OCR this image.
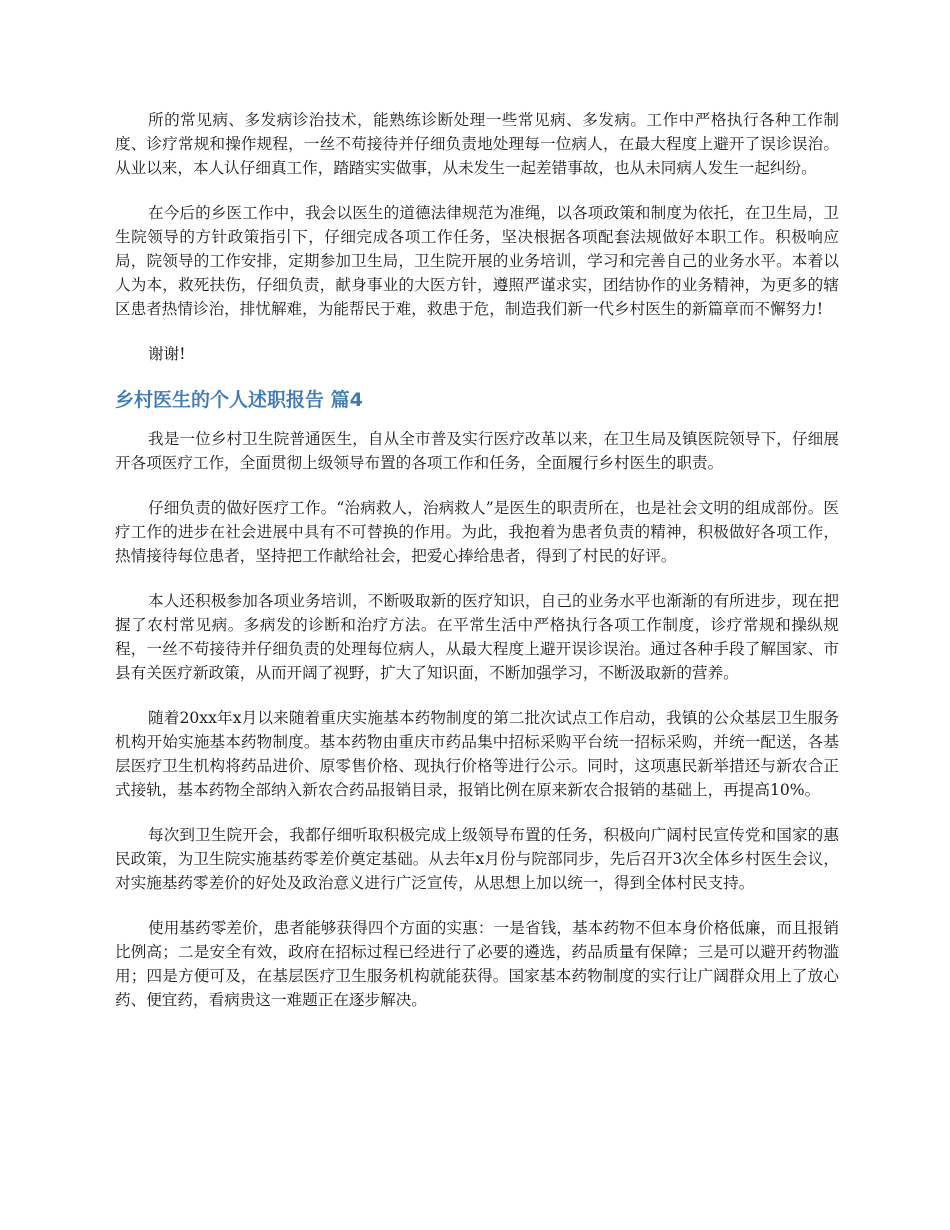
所的常见病、多发病诊治技术，能熟练诊断处理一些常见病、多发病。工作中严格执行各种工作制度、诊疗常规和操作规程，一丝不苟接待并仔细负责地处理每一位病人，在最大程度上避开了误诊误治。从业以来，本人认仔细真工作，踏踏实实做事，从未发生一起差错事故，也从未同病人发生一起纠纷。

在今后的乡医工作中，我会以医生的道德法律规范为准绳，以各项政策和制度为依托，在卫生局，卫生院领导的方针政策指引下，仔细完成各项工作任务，坚决根据各项配套法规做好本职工作。积极响应局，院领导的工作安排，定期参加卫生局，卫生院开展的业务培训，学习和完善自己的业务水平。本着以人为本，救死扶伤，仔细负责，献身事业的大医方针，遵照严谨求实，团结协作的业务精神，为更多的辖区患者热情诊治，排忧解难，为能帮民于难，救患于危，制造我们新一代乡村医生的新篇章而不懈努力!

谢谢!

乡村医生的个人述职报告 篇4

我是一位乡村卫生院普通医生，自从全市普及实行医疗改革以来，在卫生局及镇医院领导下，仔细展开各项医疗工作，全面贯彻上级领导布置的各项工作和任务，全面履行乡村医生的职责。

仔细负责的做好医疗工作。“治病救人，治病救人”是医生的职责所在，也是社会文明的组成部份。医疗工作的进步在社会进展中具有不可替换的作用。为此，我抱着为患者负责的精神，积极做好各项工作，热情接待每位患者，坚持把工作献给社会，把爱心捧给患者，得到了村民的好评。

本人还积极参加各项业务培训，不断吸取新的医疗知识，自己的业务水平也渐渐的有所进步，现在把握了农村常见病。多病发的诊断和治疗方法。在平常生活中严格执行各项工作制度，诊疗常规和操纵规程，一丝不苟接待并仔细负责的处理每位病人，从最大程度上避开误诊误治。通过各种手段了解国家、市县有关医疗新政策，从而开阔了视野，扩大了知识面，不断加强学习，不断汲取新的营养。

随着20xx年x月以来随着重庆实施基本药物制度的第二批次试点工作启动，我镇的公众基层卫生服务机构开始实施基本药物制度。基本药物由重庆市药品集中招标采购平台统一招标采购，并统一配送，各基层医疗卫生机构将药品进价、原零售价格、现执行价格等进行公示。同时，这项惠民新举措还与新农合正式接轨，基本药物全部纳入新农合药品报销目录，报销比例在原来新农合报销的基础上，再提高10%。

每次到卫生院开会，我都仔细听取积极完成上级领导布置的任务，积极向广阔村民宣传党和国家的惠民政策，为卫生院实施基药零差价奠定基础。从去年x月份与院部同步，先后召开3次全体乡村医生会议，对实施基药零差价的好处及政治意义进行广泛宣传，从思想上加以统一，得到全体村民支持。

使用基药零差价，患者能够获得四个方面的实惠：一是省钱，基本药物不但本身价格低廉，而且报销比例高；二是安全有效，政府在招标过程已经进行了必要的遴选，药品质量有保障；三是可以避开药物滥用；四是方便可及，在基层医疗卫生服务机构就能获得。国家基本药物制度的实行让广阔群众用上了放心药、便宜药，看病贵这一难题正在逐步解决。
